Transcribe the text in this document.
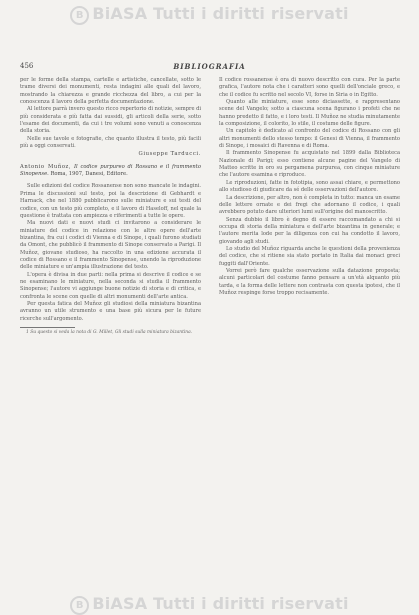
B BiASA Tutti i diritti riservati
456	BIBLIOGRAFIA

per le forme della stampa, cartelle e artistiche, cancellate, sotto le trame diversi dei monumenti, resta indagini alle quali del lavoro, mostrando la chiarezza e grande ricchezza del libro, a cui per la conoscenza il lavoro della perfetta documentazione.

Al lettore parrà invero questo ricco repertorio di notizie, sempre di più considerata e più fatta dai sussidi, gli articoli della serie, sotto l'esame dei documenti, da cui i tre volumi sono venuti a conoscenza della storia.

Nelle sue tavole e fotografie, che quanto illustra il testo, più facili più a oggi conservati.

Giuseppe Tarducci.
Antonio Muñoz, Il codice purpureo di Rossano e il frammento Sinopense. Roma, 1907, Danesi, Editore.

Sulle edizioni del codice Rossanense non sono mancate le indagini. Prima le discussioni sul testo, poi la descrizione di Gebhardt e Harnack, che nel 1880 pubblicarono sulle miniature e sui testi del codice, con un testo più completo, e il lavoro di Haseloff, nel quale la questione è trattata con ampiezza e riferimenti a tutte le opere.

Ma nuovi dati e nuovi studi ci invitarono a considerare le miniature del codice in relazione con le altre opere dell'arte bizantina, fra cui i codici di Vienna e di Sinope, i quali furono studiati da Omont, che pubblicò il frammento di Sinope conservato a Parigi. Il Muñoz, giovane studioso, ha raccolto in una edizione accurata il codice di Rossano e il frammento Sinopense, unendo la riproduzione delle miniature e un'ampia illustrazione del testo.

L'opera è divisa in due parti: nella prima si descrive il codice e se ne esaminano le miniature, nella seconda si studia il frammento Sinopense; l'autore vi aggiunge buone notizie di storia e di critica, e confronta le scene con quelle di altri monumenti dell'arte antica.

Per questa fatica del Muñoz gli studiosi della miniatura bizantina avranno un utile strumento e una base più sicura per le future ricerche sull'argomento.

1 Su questo si veda la nota di G. Millet, Gli studi sulla miniatura bizantina.

Il codice rossanense è ora di nuovo descritto con cura. Per la parte grafica, l'autore nota che i caratteri sono quelli dell'onciale greco, e che il codice fu scritto nel secolo VI, forse in Siria o in Egitto.

Quanto alle miniature, esse sono diciassette, e rappresentano scene del Vangelo; sotto a ciascuna scena figurano i profeti che ne hanno predetto il fatto, e i loro testi. Il Muñoz ne studia minutamente la composizione, il colorito, lo stile, il costume delle figure.

Un capitolo è dedicato al confronto del codice di Rossano con gli altri monumenti dello stesso tempo: il Genesi di Vienna, il frammento di Sinope, i mosaici di Ravenna e di Roma.

Il frammento Sinopense fu acquistato nel 1899 dalla Biblioteca Nazionale di Parigi; esso contiene alcune pagine del Vangelo di Matteo scritte in oro su pergamena purpurea, con cinque miniature che l'autore esamina e riproduce.

Le riproduzioni, fatte in fototipia, sono assai chiare, e permettono allo studioso di giudicare da sé delle osservazioni dell'autore.

La descrizione, per altro, non è completa in tutto: manca un esame delle lettere ornate e dei fregi che adornano il codice, i quali avrebbero potuto dare ulteriori lumi sull'origine del manoscritto.

Senza dubbio il libro è degno di essere raccomandato a chi si occupa di storia della miniatura e dell'arte bizantina in generale; e l'autore merita lode per la diligenza con cui ha condotto il lavoro, giovando agli studi.

Lo studio del Muñoz riguarda anche le questioni della provenienza del codice, che si ritiene sia stato portato in Italia dai monaci greci fuggiti dall'Oriente.

Vorrei però fare qualche osservazione sulla datazione proposta; alcuni particolari del costume fanno pensare a un'età alquanto più tarda, e la forma delle lettere non contrasta con questa ipotesi, che il Muñoz respinge forse troppo recisamente.

B BiASA Tutti i diritti riservati
